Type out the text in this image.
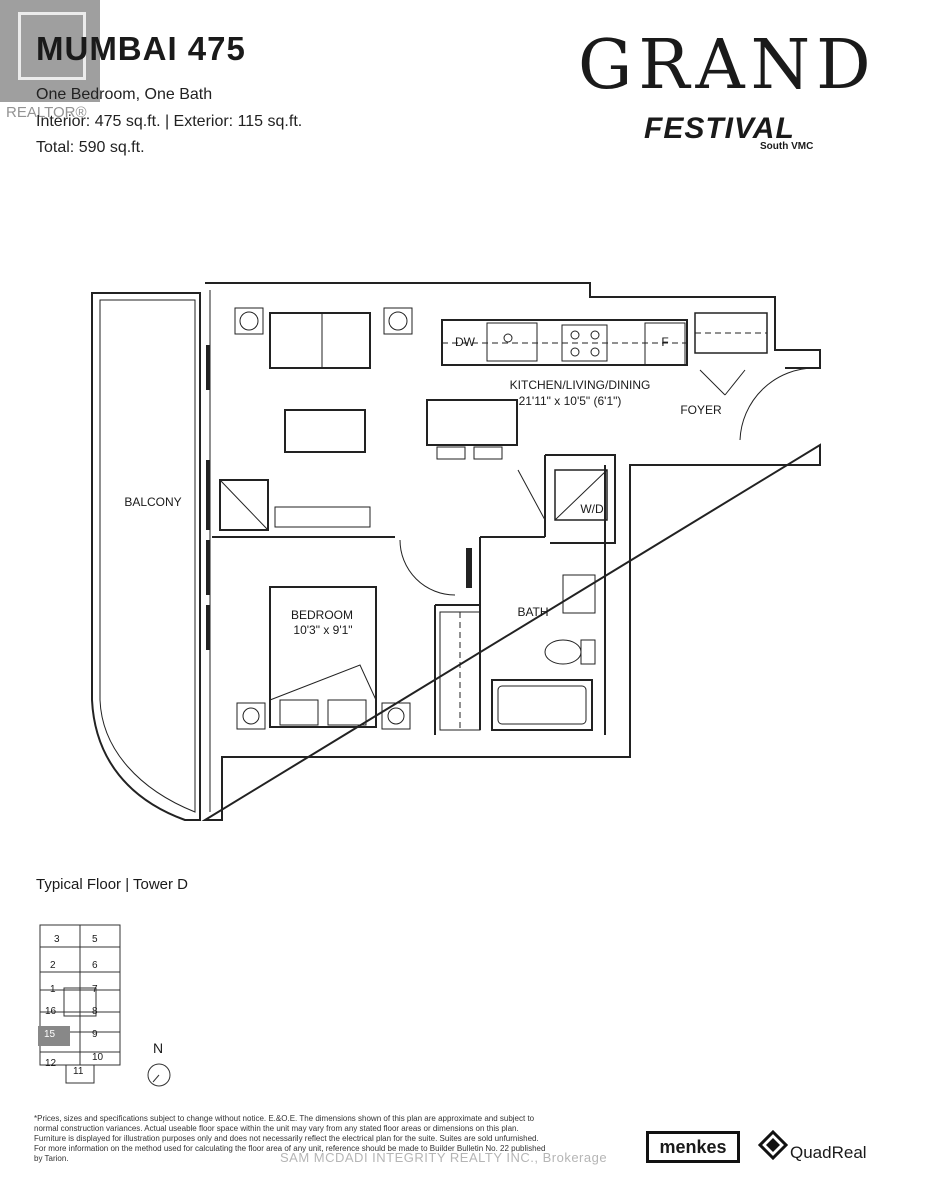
REALTOR®
MUMBAI 475
One Bedroom, One Bath
Interior: 475 sq.ft. | Exterior: 115 sq.ft.
Total: 590 sq.ft.
GRAND
FESTIVAL
South VMC
KITCHEN/LIVING/DINING
21'11" x 10'5" (6'1")
FOYER
BALCONY
BEDROOM
10'3" x 9'1"
BATH
W/D
DW	F
Typical Floor | Tower D
3	5
2	6
1	7
16	8
15	9
12
10
11
N
*Prices, sizes and specifications subject to change without notice. E.&O.E. The dimensions shown of this plan are approximate and subject to normal construction variances. Actual useable floor space within the unit may vary from any stated floor areas or dimensions on this plan. Furniture is displayed for illustration purposes only and does not necessarily reflect the electrical plan for the suite. Suites are sold unfurnished. For more information on the method used for calculating the floor area of any unit, reference should be made to Builder Bulletin No. 22 published by Tarion.	SAM MCDADI INTEGRITY REALTY INC., Brokerage
menkes	QuadReal
